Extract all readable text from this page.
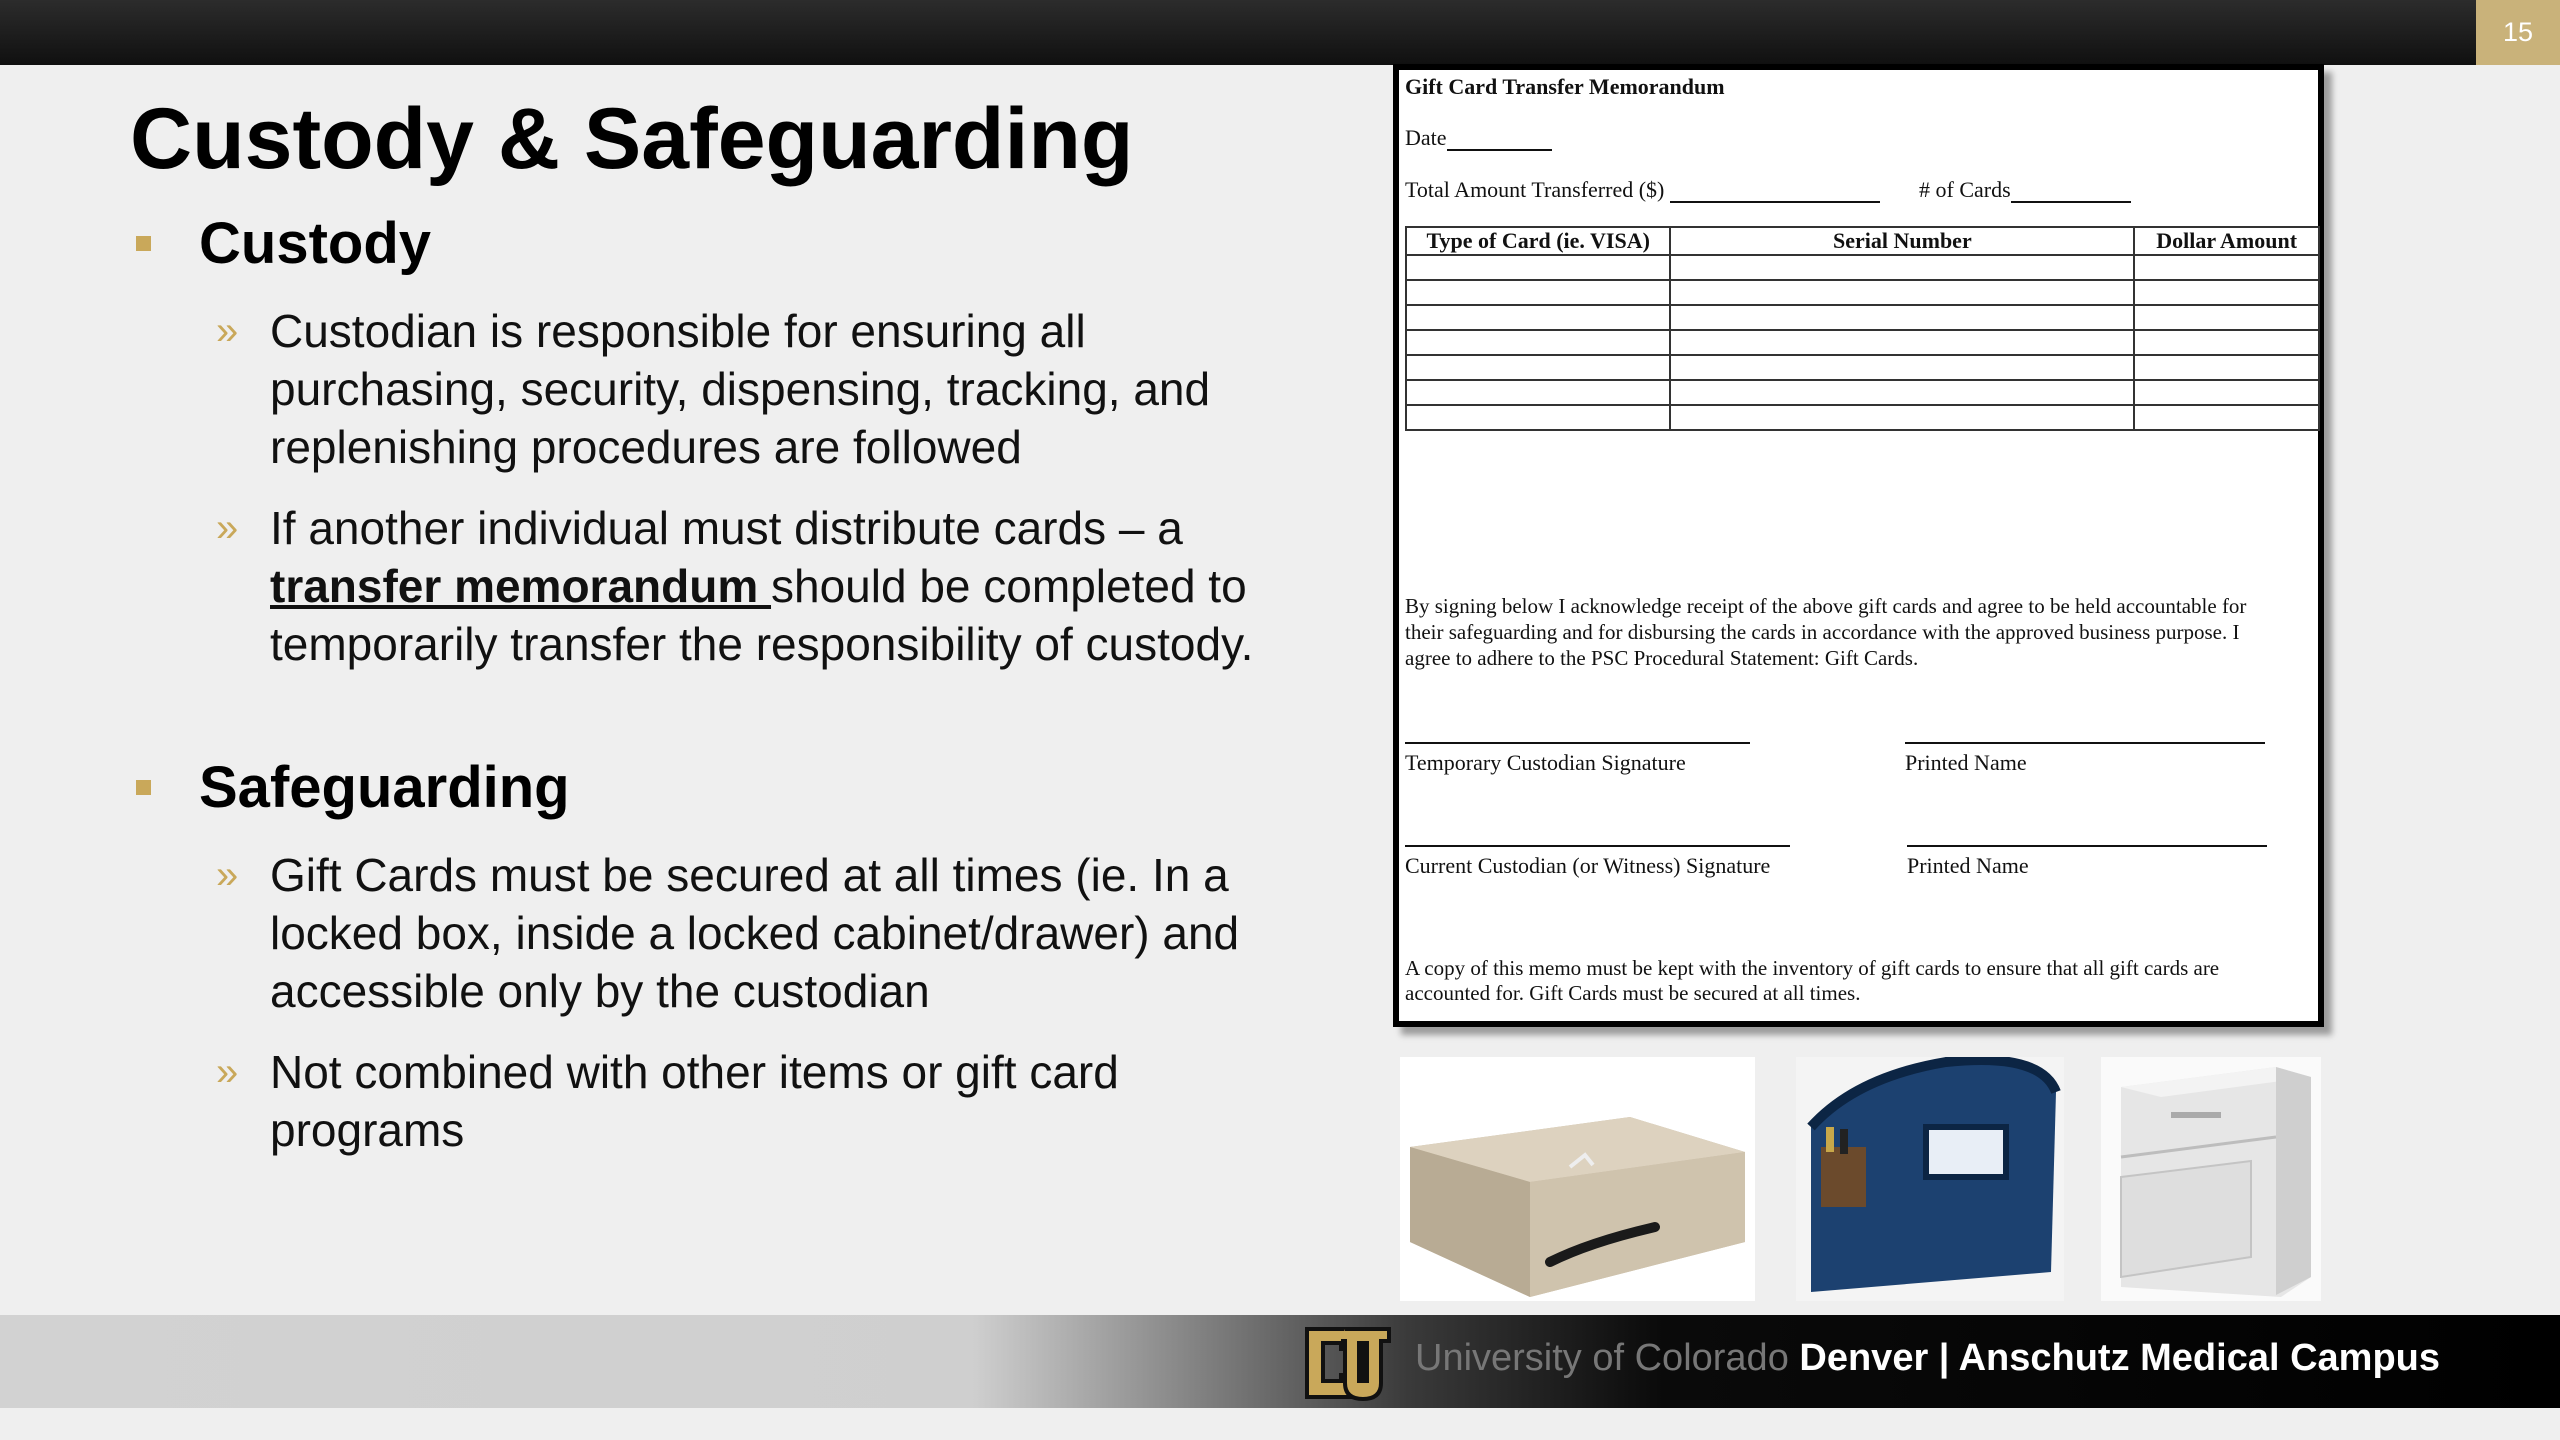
15
Custody & Safeguarding
Custody
» Custodian is responsible for ensuring all purchasing, security, dispensing, tracking, and replenishing procedures are followed
» If another individual must distribute cards – a transfer memorandum should be completed to temporarily transfer the responsibility of custody.
Safeguarding
» Gift Cards must be secured at all times (ie. In a locked box, inside a locked cabinet/drawer) and accessible only by the custodian
» Not combined with other items or gift card programs
Gift Card Transfer Memorandum
Date
Total Amount Transferred ($)	# of Cards
Type of Card (ie. VISA)	Serial Number	Dollar Amount

By signing below I acknowledge receipt of the above gift cards and agree to be held accountable for their safeguarding and for disbursing the cards in accordance with the approved business purpose. I agree to adhere to the PSC Procedural Statement: Gift Cards.
Temporary Custodian Signature	Printed Name
Current Custodian (or Witness) Signature	Printed Name
A copy of this memo must be kept with the inventory of gift cards to ensure that all gift cards are accounted for. Gift Cards must be secured at all times.
University of Colorado Denver | Anschutz Medical Campus
